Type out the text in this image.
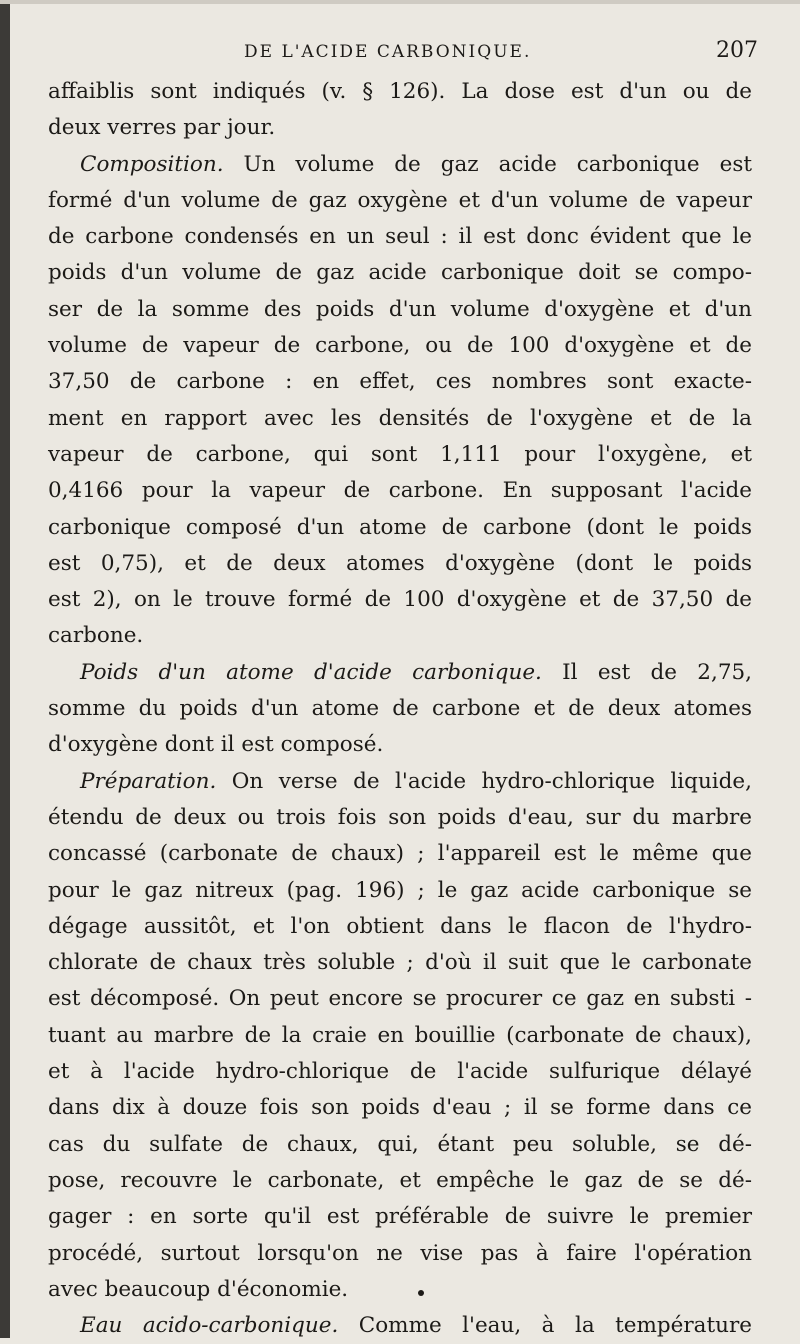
DE L'ACIDE CARBONIQUE.	207
affaiblis sont indiqués (v. § 126). La dose est d'un ou de
deux verres par jour.
Composition. Un volume de gaz acide carbonique est
formé d'un volume de gaz oxygène et d'un volume de vapeur
de carbone condensés en un seul : il est donc évident que le
poids d'un volume de gaz acide carbonique doit se compo-
ser de la somme des poids d'un volume d'oxygène et d'un
volume de vapeur de carbone, ou de 100 d'oxygène et de
37,50 de carbone : en effet, ces nombres sont exacte-
ment en rapport avec les densités de l'oxygène et de la
vapeur de carbone, qui sont 1,111 pour l'oxygène, et
0,4166 pour la vapeur de carbone. En supposant l'acide
carbonique composé d'un atome de carbone (dont le poids
est 0,75), et de deux atomes d'oxygène (dont le poids
est 2), on le trouve formé de 100 d'oxygène et de 37,50 de
carbone.
Poids d'un atome d'acide carbonique. Il est de 2,75,
somme du poids d'un atome de carbone et de deux atomes
d'oxygène dont il est composé.
Préparation. On verse de l'acide hydro-chlorique liquide,
étendu de deux ou trois fois son poids d'eau, sur du marbre
concassé (carbonate de chaux) ; l'appareil est le même que
pour le gaz nitreux (pag. 196) ; le gaz acide carbonique se
dégage aussitôt, et l'on obtient dans le flacon de l'hydro-
chlorate de chaux très soluble ; d'où il suit que le carbonate
est décomposé. On peut encore se procurer ce gaz en substi -
tuant au marbre de la craie en bouillie (carbonate de chaux),
et à l'acide hydro-chlorique de l'acide sulfurique délayé
dans dix à douze fois son poids d'eau ; il se forme dans ce
cas du sulfate de chaux, qui, étant peu soluble, se dé-
pose, recouvre le carbonate, et empêche le gaz de se dé-
gager : en sorte qu'il est préférable de suivre le premier
procédé, surtout lorsqu'on ne vise pas à faire l'opération
avec beaucoup d'économie.
Eau acido-carbonique. Comme l'eau, à la température
